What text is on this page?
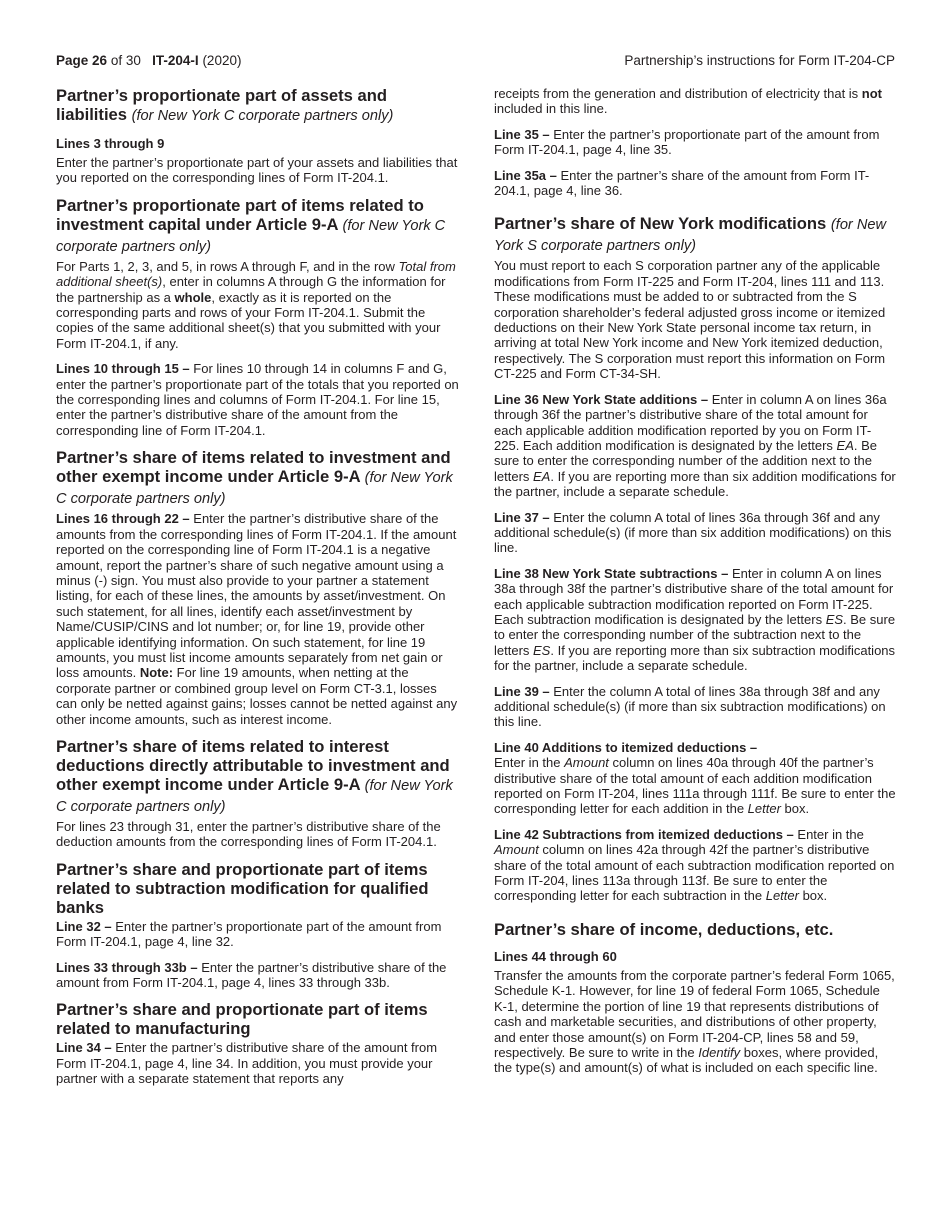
Page 26 of 30 IT-204-I (2020)	Partnership’s instructions for Form IT-204-CP
Partner’s proportionate part of assets and liabilities (for New York C corporate partners only)
Lines 3 through 9

Enter the partner’s proportionate part of your assets and liabilities that you reported on the corresponding lines of Form IT-204.1.

Partner’s proportionate part of items related to investment capital under Article 9-A (for New York C corporate partners only)

For Parts 1, 2, 3, and 5, in rows A through F, and in the row Total from additional sheet(s), enter in columns A through G the information for the partnership as a whole, exactly as it is reported on the corresponding parts and rows of your Form IT-204.1. Submit the copies of the same additional sheet(s) that you submitted with your Form IT-204.1, if any.

Lines 10 through 15 – For lines 10 through 14 in columns F and G, enter the partner’s proportionate part of the totals that you reported on the corresponding lines and columns of Form IT-204.1. For line 15, enter the partner’s distributive share of the amount from the corresponding line of Form IT-204.1.

Partner’s share of items related to investment and other exempt income under Article 9-A (for New York C corporate partners only)

Lines 16 through 22 – Enter the partner’s distributive share of the amounts from the corresponding lines of Form IT-204.1. If the amount reported on the corresponding line of Form IT-204.1 is a negative amount, report the partner’s share of such negative amount using a minus (-) sign. You must also provide to your partner a statement listing, for each of these lines, the amounts by asset/investment. On such statement, for all lines, identify each asset/investment by Name/CUSIP/CINS and lot number; or, for line 19, provide other applicable identifying information. On such statement, for line 19 amounts, you must list income amounts separately from net gain or loss amounts. Note: For line 19 amounts, when netting at the corporate partner or combined group level on Form CT-3.1, losses can only be netted against gains; losses cannot be netted against any other income amounts, such as interest income.

Partner’s share of items related to interest deductions directly attributable to investment and other exempt income under Article 9-A (for New York C corporate partners only)

For lines 23 through 31, enter the partner’s distributive share of the deduction amounts from the corresponding lines of Form IT-204.1.

Partner’s share and proportionate part of items related to subtraction modification for qualified banks

Line 32 – Enter the partner’s proportionate part of the amount from Form IT-204.1, page 4, line 32.

Lines 33 through 33b – Enter the partner’s distributive share of the amount from Form IT-204.1, page 4, lines 33 through 33b.

Partner’s share and proportionate part of items related to manufacturing

Line 34 – Enter the partner’s distributive share of the amount from Form IT-204.1, page 4, line 34. In addition, you must provide your partner with a separate statement that reports any

receipts from the generation and distribution of electricity that is not included in this line.

Line 35 – Enter the partner’s proportionate part of the amount from Form IT-204.1, page 4, line 35.

Line 35a – Enter the partner’s share of the amount from Form IT-204.1, page 4, line 36.

Partner’s share of New York modifications (for New York S corporate partners only)

You must report to each S corporation partner any of the applicable modifications from Form IT-225 and Form IT-204, lines 111 and 113. These modifications must be added to or subtracted from the S corporation shareholder’s federal adjusted gross income or itemized deductions on their New York State personal income tax return, in arriving at total New York income and New York itemized deduction, respectively. The S corporation must report this information on Form CT-225 and Form CT-34-SH.

Line 36 New York State additions – Enter in column A on lines 36a through 36f the partner’s distributive share of the total amount for each applicable addition modification reported by you on Form IT-225. Each addition modification is designated by the letters EA. Be sure to enter the corresponding number of the addition next to the letters EA. If you are reporting more than six addition modifications for the partner, include a separate schedule.

Line 37 – Enter the column A total of lines 36a through 36f and any additional schedule(s) (if more than six addition modifications) on this line.

Line 38 New York State subtractions – Enter in column A on lines 38a through 38f the partner’s distributive share of the total amount for each applicable subtraction modification reported on Form IT-225. Each subtraction modification is designated by the letters ES. Be sure to enter the corresponding number of the subtraction next to the letters ES. If you are reporting more than six subtraction modifications for the partner, include a separate schedule.

Line 39 – Enter the column A total of lines 38a through 38f and any additional schedule(s) (if more than six subtraction modifications) on this line.

Line 40 Additions to itemized deductions –
Enter in the Amount column on lines 40a through 40f the partner’s distributive share of the total amount of each addition modification reported on Form IT-204, lines 111a through 111f. Be sure to enter the corresponding letter for each addition in the Letter box.

Line 42 Subtractions from itemized deductions – Enter in the Amount column on lines 42a through 42f the partner’s distributive share of the total amount of each subtraction modification reported on Form IT-204, lines 113a through 113f. Be sure to enter the corresponding letter for each subtraction in the Letter box.

Partner’s share of income, deductions, etc.
Lines 44 through 60

Transfer the amounts from the corporate partner’s federal Form 1065, Schedule K-1. However, for line 19 of federal Form 1065, Schedule K-1, determine the portion of line 19 that represents distributions of cash and marketable securities, and distributions of other property, and enter those amount(s) on Form IT-204-CP, lines 58 and 59, respectively. Be sure to write in the Identify boxes, where provided, the type(s) and amount(s) of what is included on each specific line.
